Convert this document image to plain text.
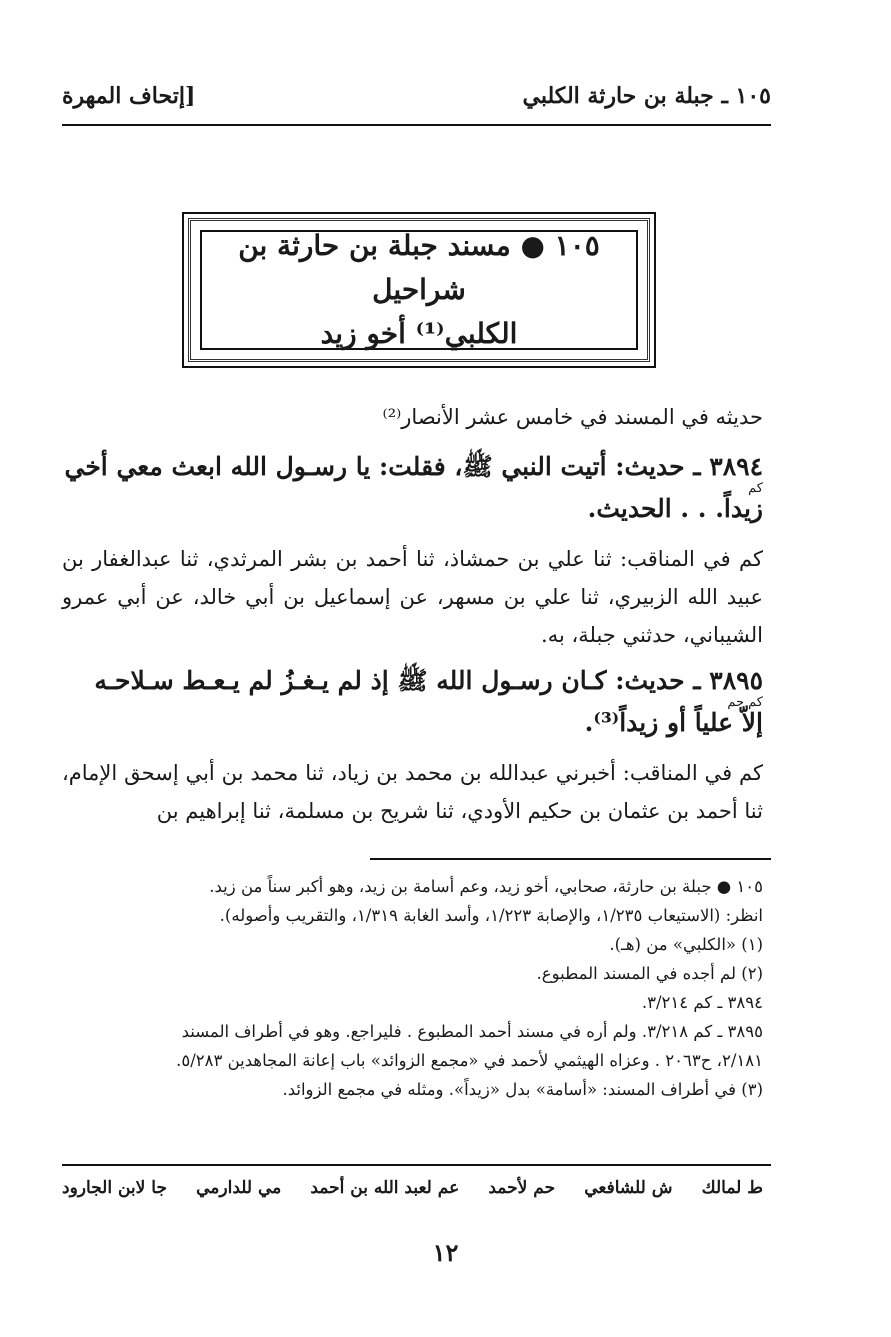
١٠٥ ـ جبلة بن حارثة الكلبي
[إتحاف المهرة
١٠٥ ● مسند جبلة بن حارثة بن شراحيل
الكلبي⁽¹⁾ أخو زيد
حديثه في المسند في خامس عشر الأنصار⁽²⁾
٣٨٩٤ ـ حديث: أتيت النبي ﷺ، فقلت: يا رسـول الله ابعث معي أخي
كم
زيداً. . . الحديث.
كم في المناقب: ثنا علي بن حمشاذ، ثنا أحمد بن بشر المرثدي، ثنا عبدالغفار بن عبيد الله الزبيري، ثنا علي بن مسهر، عن إسماعيل بن أبي خالد، عن أبي عمرو الشيباني، حدثني جبلة، به.
٣٨٩٥ ـ حديث: كـان رسـول الله ﷺ إذ لم يـغـزُ لم يـعـط سـلاحـه
كم حم
إلاّ علياً أو زيداً⁽³⁾.
كم في المناقب: أخبرني عبدالله بن محمد بن زياد، ثنا محمد بن أبي إسحق الإمام، ثنا أحمد بن عثمان بن حكيم الأودي، ثنا شريح بن مسلمة، ثنا إبراهيم بن
١٠٥ ● جبلة بن حارثة، صحابي، أخو زيد، وعم أسامة بن زيد، وهو أكبر سناً من زيد.
انظر: (الاستيعاب ١/٢٣٥، والإصابة ١/٢٢٣، وأسد الغابة ١/٣١٩، والتقريب وأصوله).
(١) «الكلبي» من (هـ).
(٢) لم أجده في المسند المطبوع.
٣٨٩٤ ـ كم ٣/٢١٤.
٣٨٩٥ ـ كم ٣/٢١٨. ولم أره في مسند أحمد المطبوع . فليراجع. وهو في أطراف المسند
٢/١٨١، ح٢٠٦٣ . وعزاه الهيثمي لأحمد في «مجمع الزوائد» باب إعانة المجاهدين ٥/٢٨٣.
(٣) في أطراف المسند: «أسامة» بدل «زيداً». ومثله في مجمع الزوائد.
ط لمالك
ش للشافعي
حم لأحمد
عم لعبد الله بن أحمد
مي للدارمي
جا لابن الجارود
١٢
